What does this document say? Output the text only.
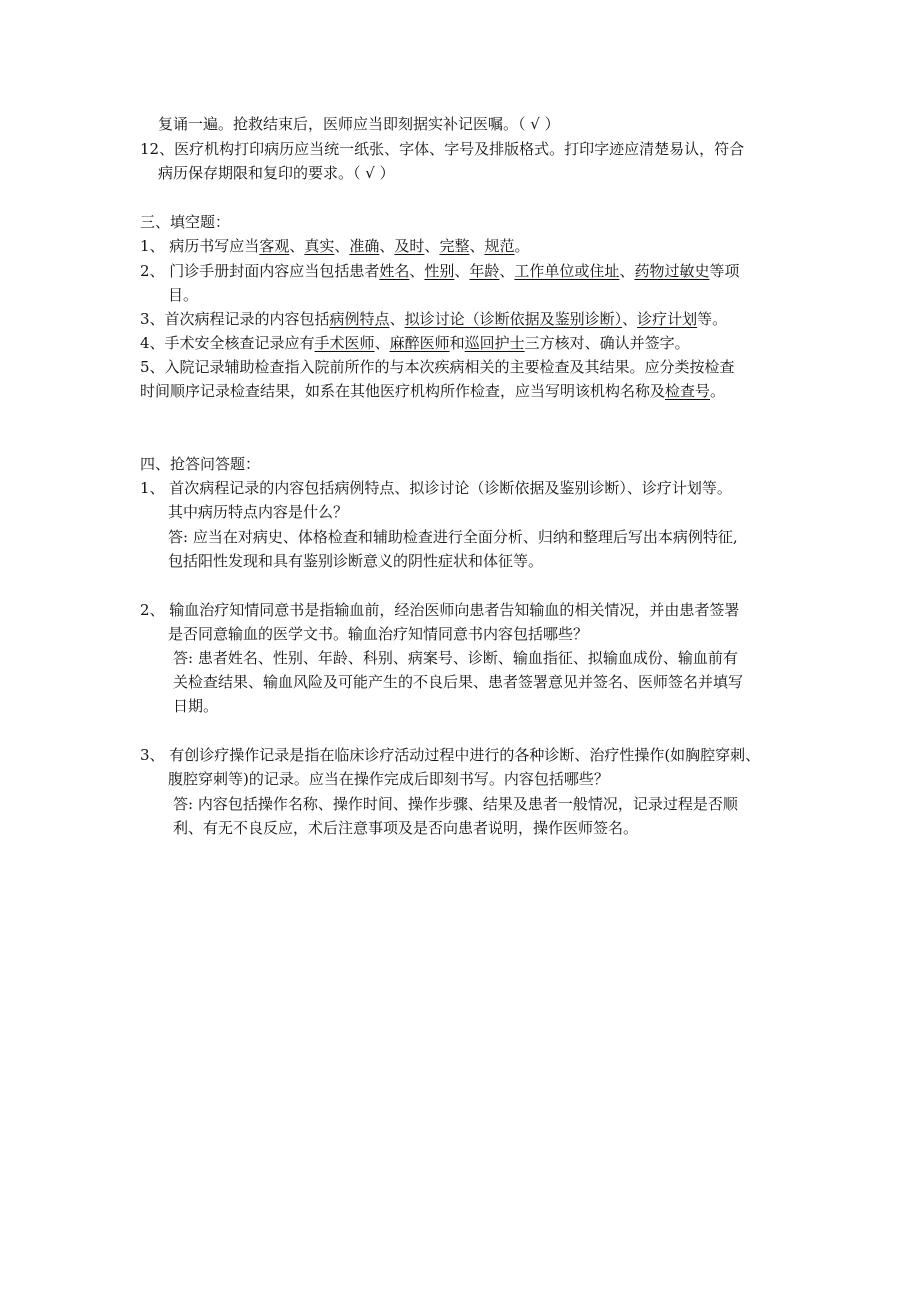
复诵一遍。抢救结束后，医师应当即刻据实补记医嘱。（ √ ）
12、医疗机构打印病历应当统一纸张、字体、字号及排版格式。打印字迹应清楚易认，符合
病历保存期限和复印的要求。（ √ ）
三、填空题：
1、 病历书写应当客观、真实、准确、及时、完整、规范。
2、 门诊手册封面内容应当包括患者姓名、性别、年龄、工作单位或住址、药物过敏史等项
目。
3、首次病程记录的内容包括病例特点、拟诊讨论（诊断依据及鉴别诊断）、诊疗计划等。
4、手术安全核查记录应有手术医师、麻醉医师和巡回护士三方核对、确认并签字。
5、入院记录辅助检查指入院前所作的与本次疾病相关的主要检查及其结果。应分类按检查
时间顺序记录检查结果，如系在其他医疗机构所作检查，应当写明该机构名称及检查号。
四、抢答问答题：
1、 首次病程记录的内容包括病例特点、拟诊讨论（诊断依据及鉴别诊断）、诊疗计划等。
其中病历特点内容是什么？
答: 应当在对病史、体格检查和辅助检查进行全面分析、归纳和整理后写出本病例特征,
包括阳性发现和具有鉴别诊断意义的阴性症状和体征等。
2、 输血治疗知情同意书是指输血前，经治医师向患者告知输血的相关情况，并由患者签署
是否同意输血的医学文书。输血治疗知情同意书内容包括哪些？
答: 患者姓名、性别、年龄、科别、病案号、诊断、输血指征、拟输血成份、输血前有
关检查结果、输血风险及可能产生的不良后果、患者签署意见并签名、医师签名并填写
日期。
3、 有创诊疗操作记录是指在临床诊疗活动过程中进行的各种诊断、治疗性操作(如胸腔穿刺、
腹腔穿刺等)的记录。应当在操作完成后即刻书写。内容包括哪些？
答: 内容包括操作名称、操作时间、操作步骤、结果及患者一般情况，记录过程是否顺
利、有无不良反应，术后注意事项及是否向患者说明，操作医师签名。
